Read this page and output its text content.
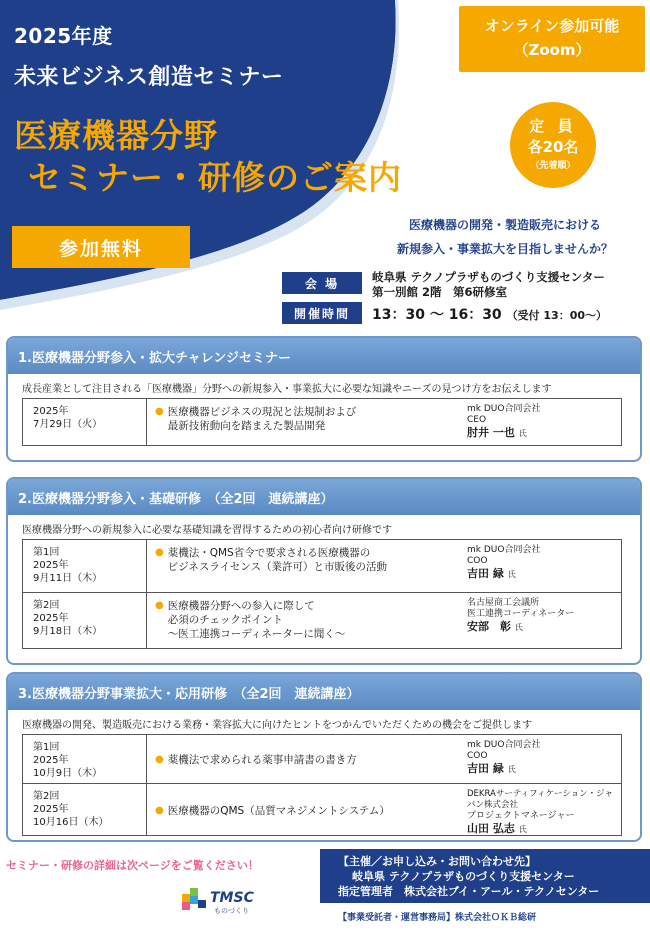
2025年度
未来ビジネス創造セミナー
医療機器分野
セミナー・研修のご案内
参加無料
オンライン参加可能
（Zoom）
定 員
各20名
（先着順）
医療機器の開発・製造販売における
新規参入・事業拡大を目指しませんか？
会 場	岐阜県 テクノプラザものづくり支援センター
第一別館 2階　第6研修室
開催時間	13：30 ～ 16：30 （受付 13：00～）
1.医療機器分野参入・拡大チャレンジセミナー
成長産業として注目される「医療機器」分野への新規参入・事業拡大に必要な知識やニーズの見つけ方をお伝えします
2025年
7月29日（火）
● 医療機器ビジネスの現況と法規制および
最新技術動向を踏まえた製品開発
mk DUO合同会社
CEO
肘井 一也 氏
2.医療機器分野参入・基礎研修　（全2回　連続講座）
医療機器分野への新規参入に必要な基礎知識を習得するための初心者向け研修です
第1回
2025年
9月11日（木）
● 薬機法・QMS省令で要求される医療機器の
ビジネスライセンス（業許可）と市販後の活動
mk DUO合同会社
COO
吉田 緑 氏
第2回
2025年
9月18日（木）
● 医療機器分野への参入に際して
必須のチェックポイント
～医工連携コーディネーターに聞く～
名古屋商工会議所
医工連携コーディネーター
安部　彰 氏
3.医療機器分野事業拡大・応用研修　（全2回　連続講座）
医療機器の開発、製造販売における業務・業容拡大に向けたヒントをつかんでいただくための機会をご提供します
第1回
2025年
10月9日（木）
● 薬機法で求められる薬事申請書の書き方
mk DUO合同会社
COO
吉田 緑 氏
第2回
2025年
10月16日（木）
● 医療機器のQMS（品質マネジメントシステム）
DEKRAサーティフィケーション・ジャパン株式会社
プロジェクトマネージャー
山田 弘志 氏
セミナー・研修の詳細は次ページをご覧ください！
TMSC
ものづくり
【主催／お申し込み・お問い合わせ先】
岐阜県 テクノプラザものづくり支援センター
指定管理者　株式会社ブイ・アール・テクノセンター
【事業受託者・運営事務局】株式会社ＯＫＢ総研
